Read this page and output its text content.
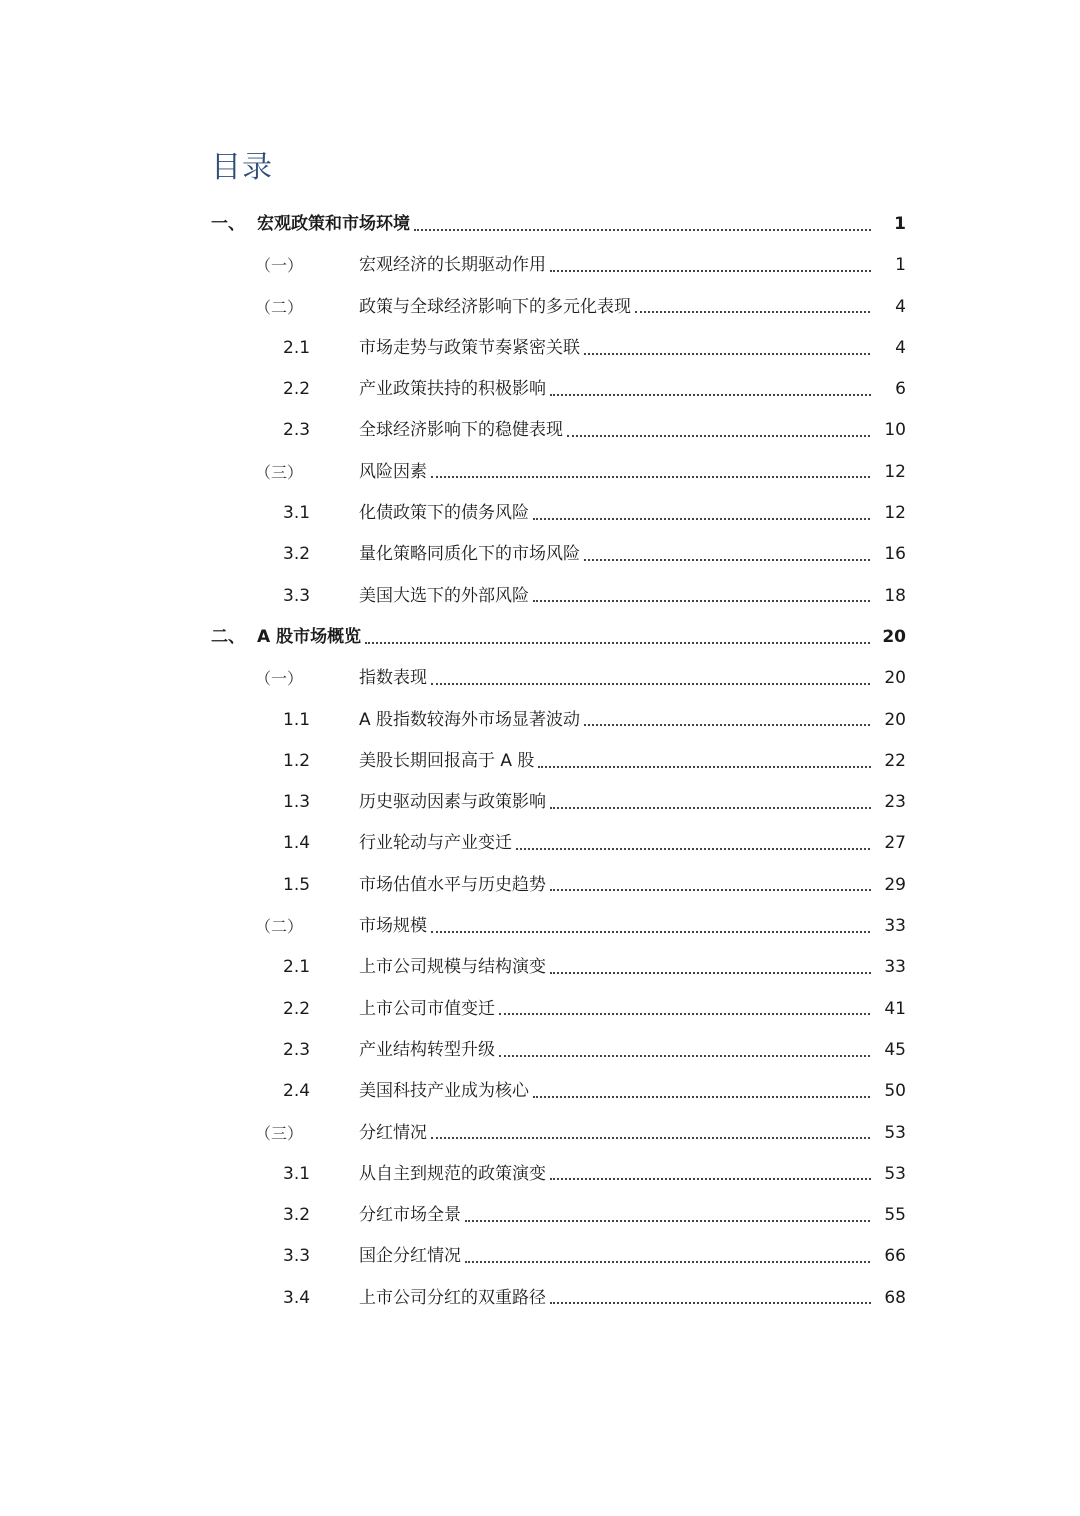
目录
一、 宏观政策和市场环境	1
（一）	宏观经济的长期驱动作用	1
（二）	政策与全球经济影响下的多元化表现	4
2.1	市场走势与政策节奏紧密关联	4
2.2	产业政策扶持的积极影响	6
2.3	全球经济影响下的稳健表现	10
（三）	风险因素	12
3.1	化债政策下的债务风险	12
3.2	量化策略同质化下的市场风险	16
3.3	美国大选下的外部风险	18
二、 A 股市场概览	20
（一）	指数表现	20
1.1	A 股指数较海外市场显著波动	20
1.2	美股长期回报高于 A 股	22
1.3	历史驱动因素与政策影响	23
1.4	行业轮动与产业变迁	27
1.5	市场估值水平与历史趋势	29
（二）	市场规模	33
2.1	上市公司规模与结构演变	33
2.2	上市公司市值变迁	41
2.3	产业结构转型升级	45
2.4	美国科技产业成为核心	50
（三）	分红情况	53
3.1	从自主到规范的政策演变	53
3.2	分红市场全景	55
3.3	国企分红情况	66
3.4	上市公司分红的双重路径	68
